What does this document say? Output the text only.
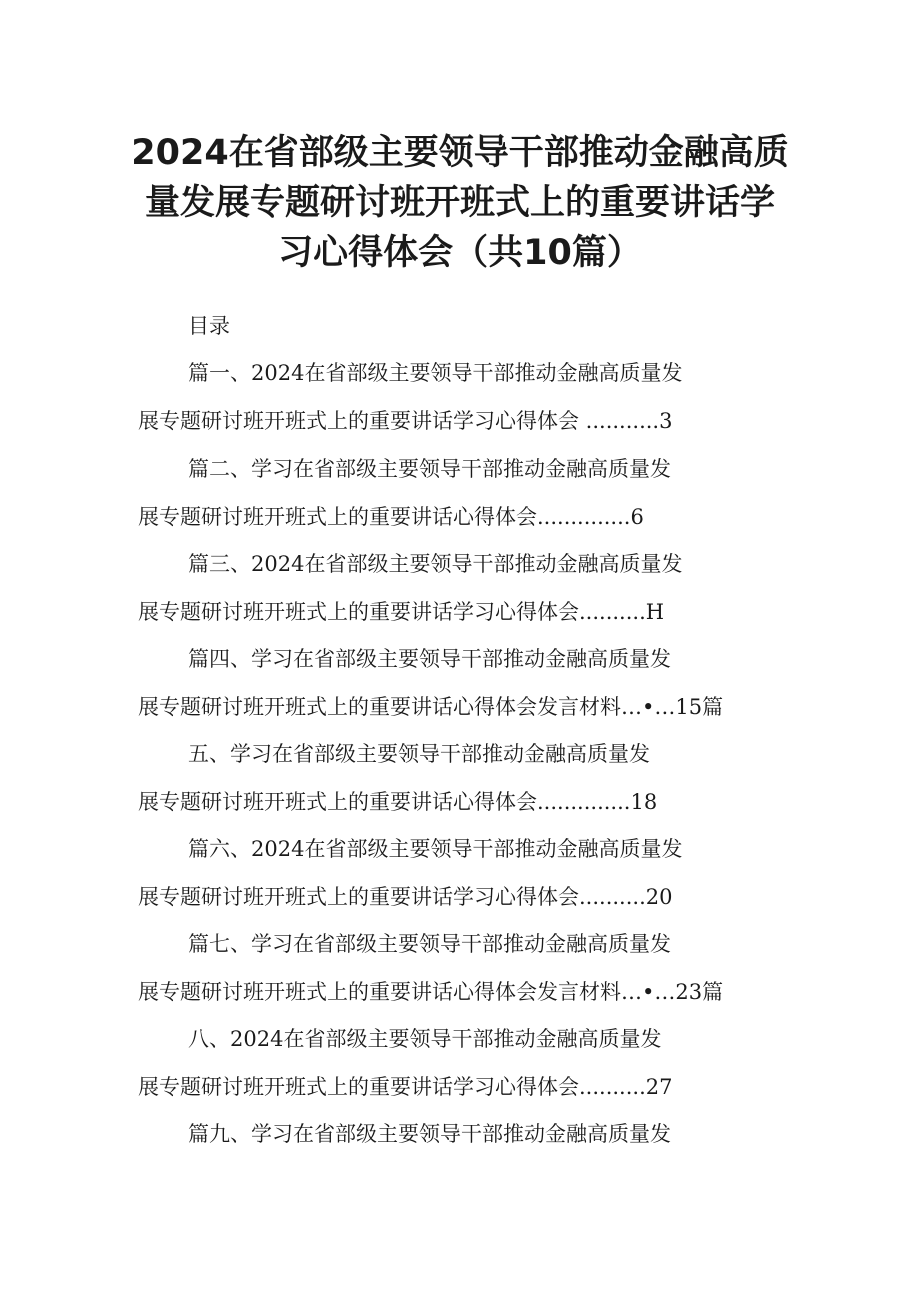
2024在省部级主要领导干部推动金融高质
量发展专题研讨班开班式上的重要讲话学
习心得体会（共10篇）
目录
篇一、2024在省部级主要领导干部推动金融高质量发
展专题研讨班开班式上的重要讲话学习心得体会 ...........3
篇二、学习在省部级主要领导干部推动金融高质量发
展专题研讨班开班式上的重要讲话心得体会..............6
篇三、2024在省部级主要领导干部推动金融高质量发
展专题研讨班开班式上的重要讲话学习心得体会..........H
篇四、学习在省部级主要领导干部推动金融高质量发
展专题研讨班开班式上的重要讲话心得体会发言材料…•…15篇
五、学习在省部级主要领导干部推动金融高质量发
展专题研讨班开班式上的重要讲话心得体会..............18
篇六、2024在省部级主要领导干部推动金融高质量发
展专题研讨班开班式上的重要讲话学习心得体会..........20
篇七、学习在省部级主要领导干部推动金融高质量发
展专题研讨班开班式上的重要讲话心得体会发言材料…•…23篇
八、2024在省部级主要领导干部推动金融高质量发
展专题研讨班开班式上的重要讲话学习心得体会..........27
篇九、学习在省部级主要领导干部推动金融高质量发
